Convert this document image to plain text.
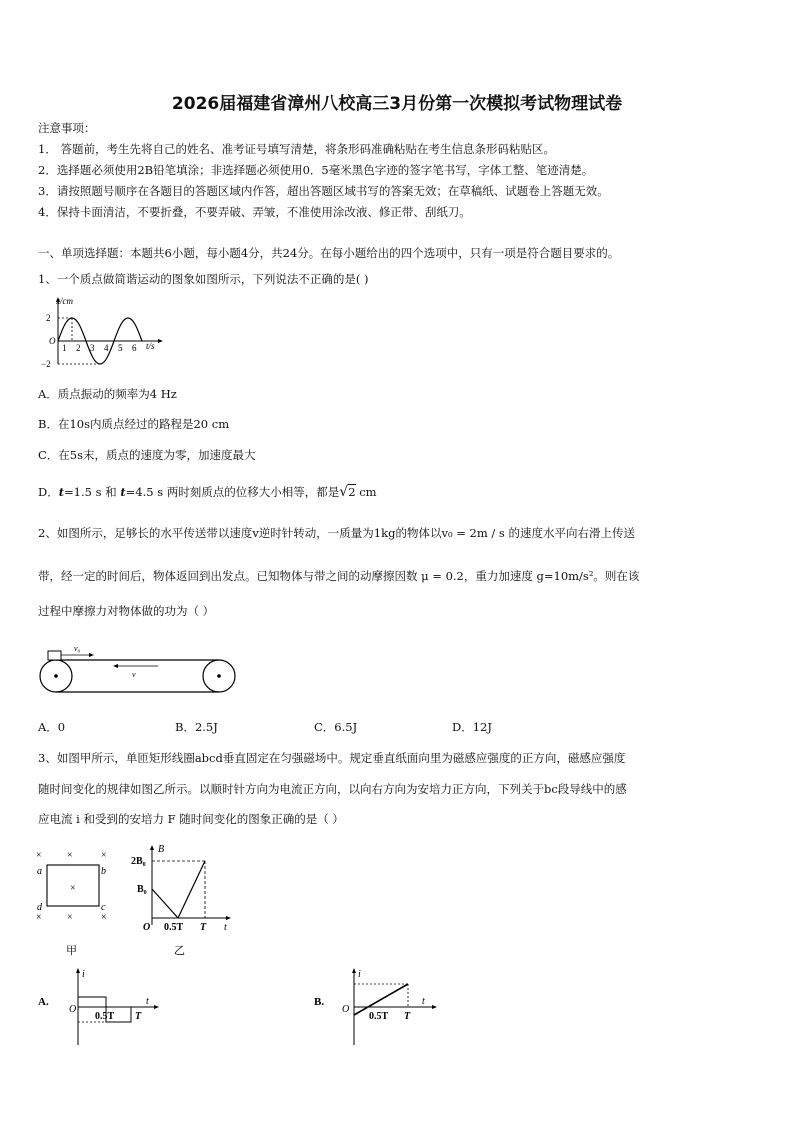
2026届福建省漳州八校高三3月份第一次模拟考试物理试卷
注意事项：
1． 答题前，考生先将自己的姓名、准考证号填写清楚，将条形码准确粘贴在考生信息条形码粘贴区。
2．选择题必须使用2B铅笔填涂；非选择题必须使用0．5毫米黑色字迹的签字笔书写，字体工整、笔迹清楚。
3．请按照题号顺序在各题目的答题区域内作答，超出答题区域书写的答案无效；在草稿纸、试题卷上答题无效。
4．保持卡面清洁，不要折叠，不要弄破、弄皱，不准使用涂改液、修正带、刮纸刀。
一、单项选择题：本题共6小题，每小题4分，共24分。在每小题给出的四个选项中，只有一项是符合题目要求的。
1、一个质点做简谐运动的图象如图所示，下列说法不正确的是( )
x/cm
t/s
2
−2
O
1 2 3 4 5 6
A．质点振动的频率为4 Hz
B．在10s内质点经过的路程是20 cm
C．在5s末，质点的速度为零，加速度最大
D．t=1.5 s 和 t=4.5 s 两时刻质点的位移大小相等，都是√2 cm
2、如图所示，足够长的水平传送带以速度v逆时针转动，一质量为1kg的物体以v₀ = 2m / s 的速度水平向右滑上传送
带，经一定的时间后，物体返回到出发点。已知物体与带之间的动摩擦因数 μ = 0.2，重力加速度 g=10m/s²。则在该
过程中摩擦力对物体做的功为（ ）
v₀
v
A．0	B．2.5J	C．6.5J	D．12J
3、如图甲所示，单匝矩形线圈abcd垂直固定在匀强磁场中。规定垂直纸面向里为磁感应强度的正方向，磁感应强度
随时间变化的规律如图乙所示。以顺时针方向为电流正方向，以向右方向为安培力正方向，下列关于bc段导线中的感
应电流 i 和受到的安培力 F 随时间变化的图象正确的是（ ）
×	×	×
×
×	×	×
a	b
c
d
甲
B
t
2B₀
B₀
O 0.5T T
乙
A.
i
t
O
0.5T T
B.
i
t
O
0.5T T
